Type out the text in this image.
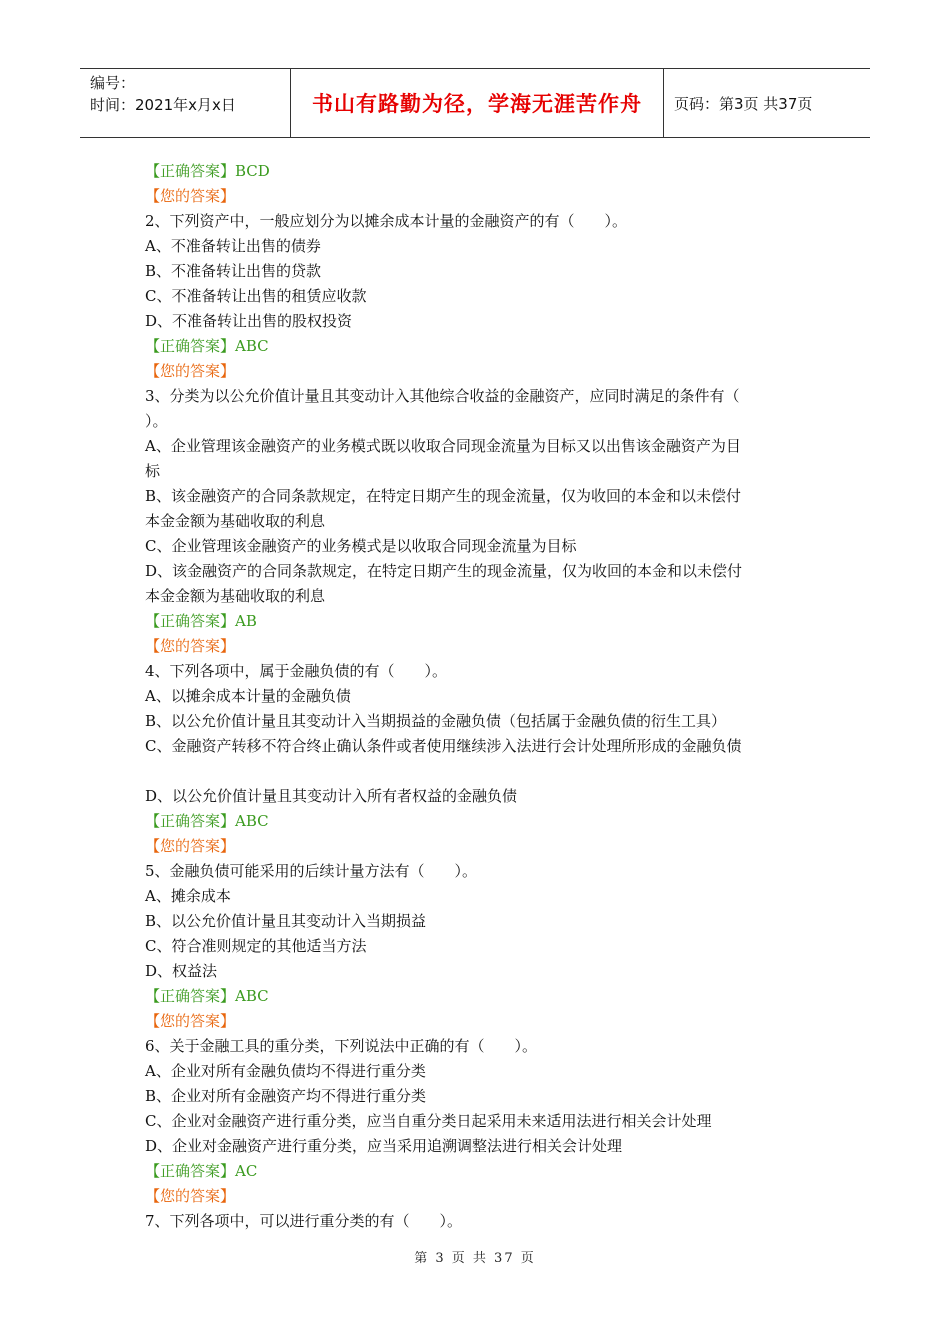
编号：
时间：2021年x月x日	书山有路勤为径，学海无涯苦作舟	页码：第3页 共37页
【正确答案】BCD
【您的答案】
2、下列资产中，一般应划分为以摊余成本计量的金融资产的有（　　）。
A、不准备转让出售的债券
B、不准备转让出售的贷款
C、不准备转让出售的租赁应收款
D、不准备转让出售的股权投资
【正确答案】ABC
【您的答案】
3、分类为以公允价值计量且其变动计入其他综合收益的金融资产，应同时满足的条件有（
）。
A、企业管理该金融资产的业务模式既以收取合同现金流量为目标又以出售该金融资产为目
标
B、该金融资产的合同条款规定，在特定日期产生的现金流量，仅为收回的本金和以未偿付
本金金额为基础收取的利息
C、企业管理该金融资产的业务模式是以收取合同现金流量为目标
D、该金融资产的合同条款规定，在特定日期产生的现金流量，仅为收回的本金和以未偿付
本金金额为基础收取的利息
【正确答案】AB
【您的答案】
4、下列各项中，属于金融负债的有（　　）。
A、以摊余成本计量的金融负债
B、以公允价值计量且其变动计入当期损益的金融负债（包括属于金融负债的衍生工具）
C、金融资产转移不符合终止确认条件或者使用继续涉入法进行会计处理所形成的金融负债
D、以公允价值计量且其变动计入所有者权益的金融负债
【正确答案】ABC
【您的答案】
5、金融负债可能采用的后续计量方法有（　　）。
A、摊余成本
B、以公允价值计量且其变动计入当期损益
C、符合准则规定的其他适当方法
D、权益法
【正确答案】ABC
【您的答案】
6、关于金融工具的重分类，下列说法中正确的有（　　）。
A、企业对所有金融负债均不得进行重分类
B、企业对所有金融资产均不得进行重分类
C、企业对金融资产进行重分类，应当自重分类日起采用未来适用法进行相关会计处理
D、企业对金融资产进行重分类，应当采用追溯调整法进行相关会计处理
【正确答案】AC
【您的答案】
7、下列各项中，可以进行重分类的有（　　）。
第 3 页 共 37 页
